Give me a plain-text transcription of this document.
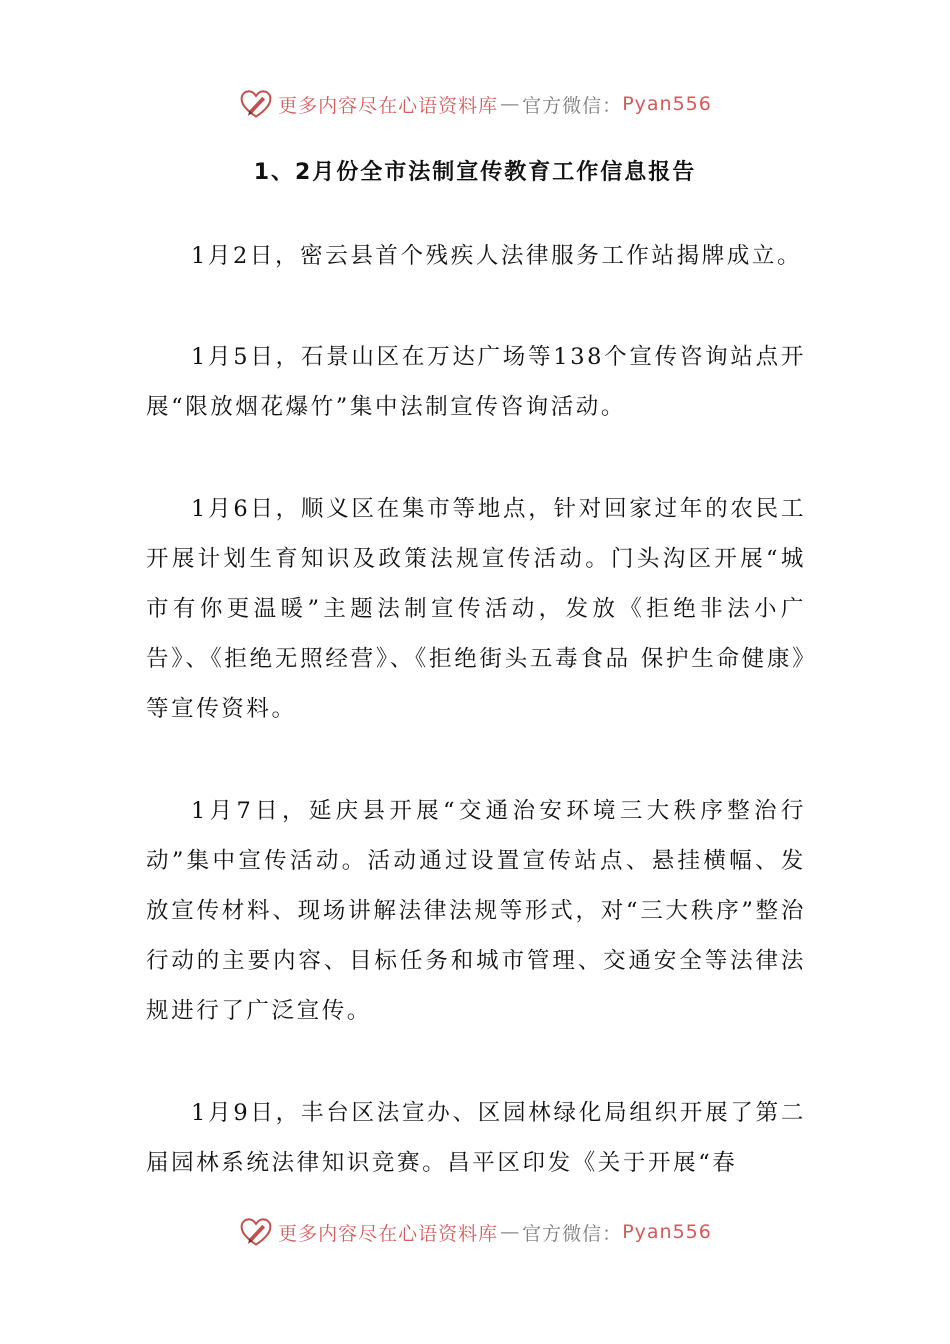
更多内容尽在心语资料库 — 官方微信： Pyan556
1、2月份全市法制宣传教育工作信息报告

1月2日，密云县首个残疾人法律服务工作站揭牌成立。

1月5日，石景山区在万达广场等138个宣传咨询站点开展“限放烟花爆竹”集中法制宣传咨询活动。

1月6日，顺义区在集市等地点，针对回家过年的农民工开展计划生育知识及政策法规宣传活动。门头沟区开展“城市有你更温暖”主题法制宣传活动，发放《拒绝非法小广告》、《拒绝无照经营》、《拒绝街头五毒食品 保护生命健康》等宣传资料。

1月7日，延庆县开展“交通治安环境三大秩序整治行动”集中宣传活动。活动通过设置宣传站点、悬挂横幅、发放宣传材料、现场讲解法律法规等形式，对“三大秩序”整治行动的主要内容、目标任务和城市管理、交通安全等法律法规进行了广泛宣传。

1月9日，丰台区法宣办、区园林绿化局组织开展了第二届园林系统法律知识竞赛。昌平区印发《关于开展“春

更多内容尽在心语资料库 — 官方微信： Pyan556
